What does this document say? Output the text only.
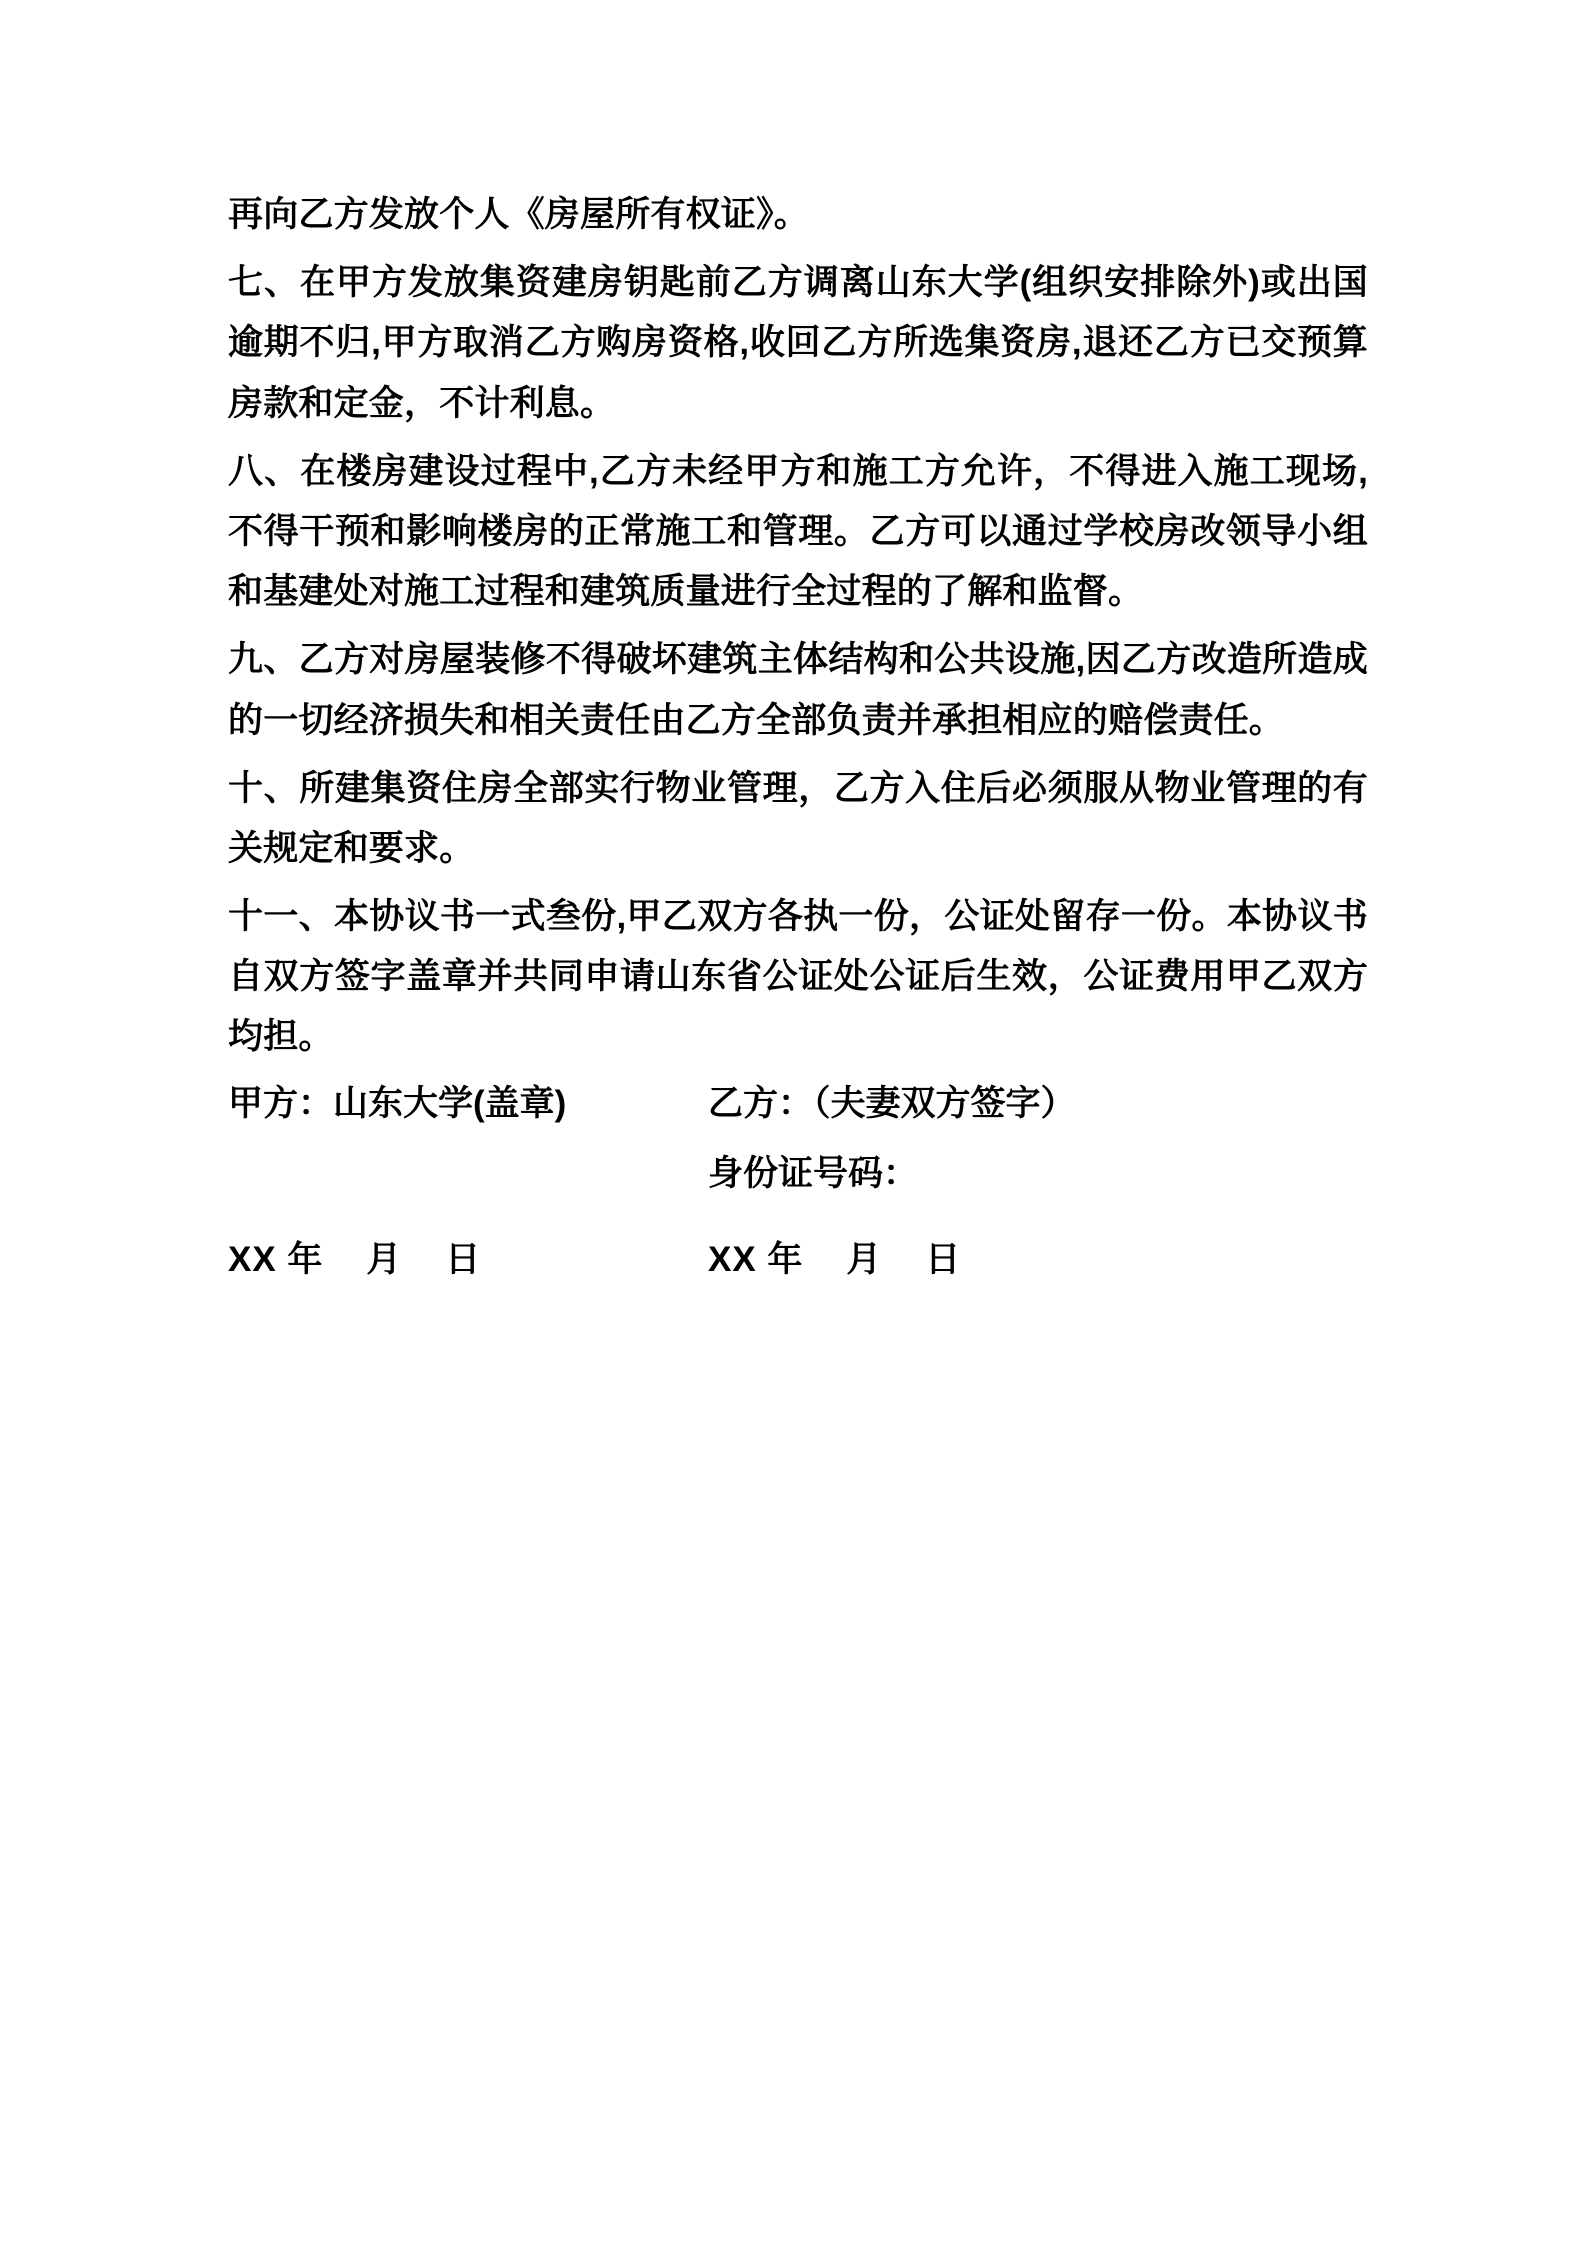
再向乙方发放个人《房屋所有权证》。

七、在甲方发放集资建房钥匙前乙方调离山东大学(组织安排除外)或出国逾期不归,甲方取消乙方购房资格,收回乙方所选集资房,退还乙方已交预算房款和定金，不计利息。

八、在楼房建设过程中,乙方未经甲方和施工方允许，不得进入施工现场,不得干预和影响楼房的正常施工和管理。乙方可以通过学校房改领导小组和基建处对施工过程和建筑质量进行全过程的了解和监督。

九、乙方对房屋装修不得破坏建筑主体结构和公共设施,因乙方改造所造成的一切经济损失和相关责任由乙方全部负责并承担相应的赔偿责任。

十、所建集资住房全部实行物业管理，乙方入住后必须服从物业管理的有关规定和要求。

十一、本协议书一式叁份,甲乙双方各执一份，公证处留存一份。本协议书自双方签字盖章并共同申请山东省公证处公证后生效，公证费用甲乙双方均担。

甲方：山东大学(盖章)	乙方：（夫妻双方签字）
身份证号码：
XX 年    月    日	XX 年    月    日
